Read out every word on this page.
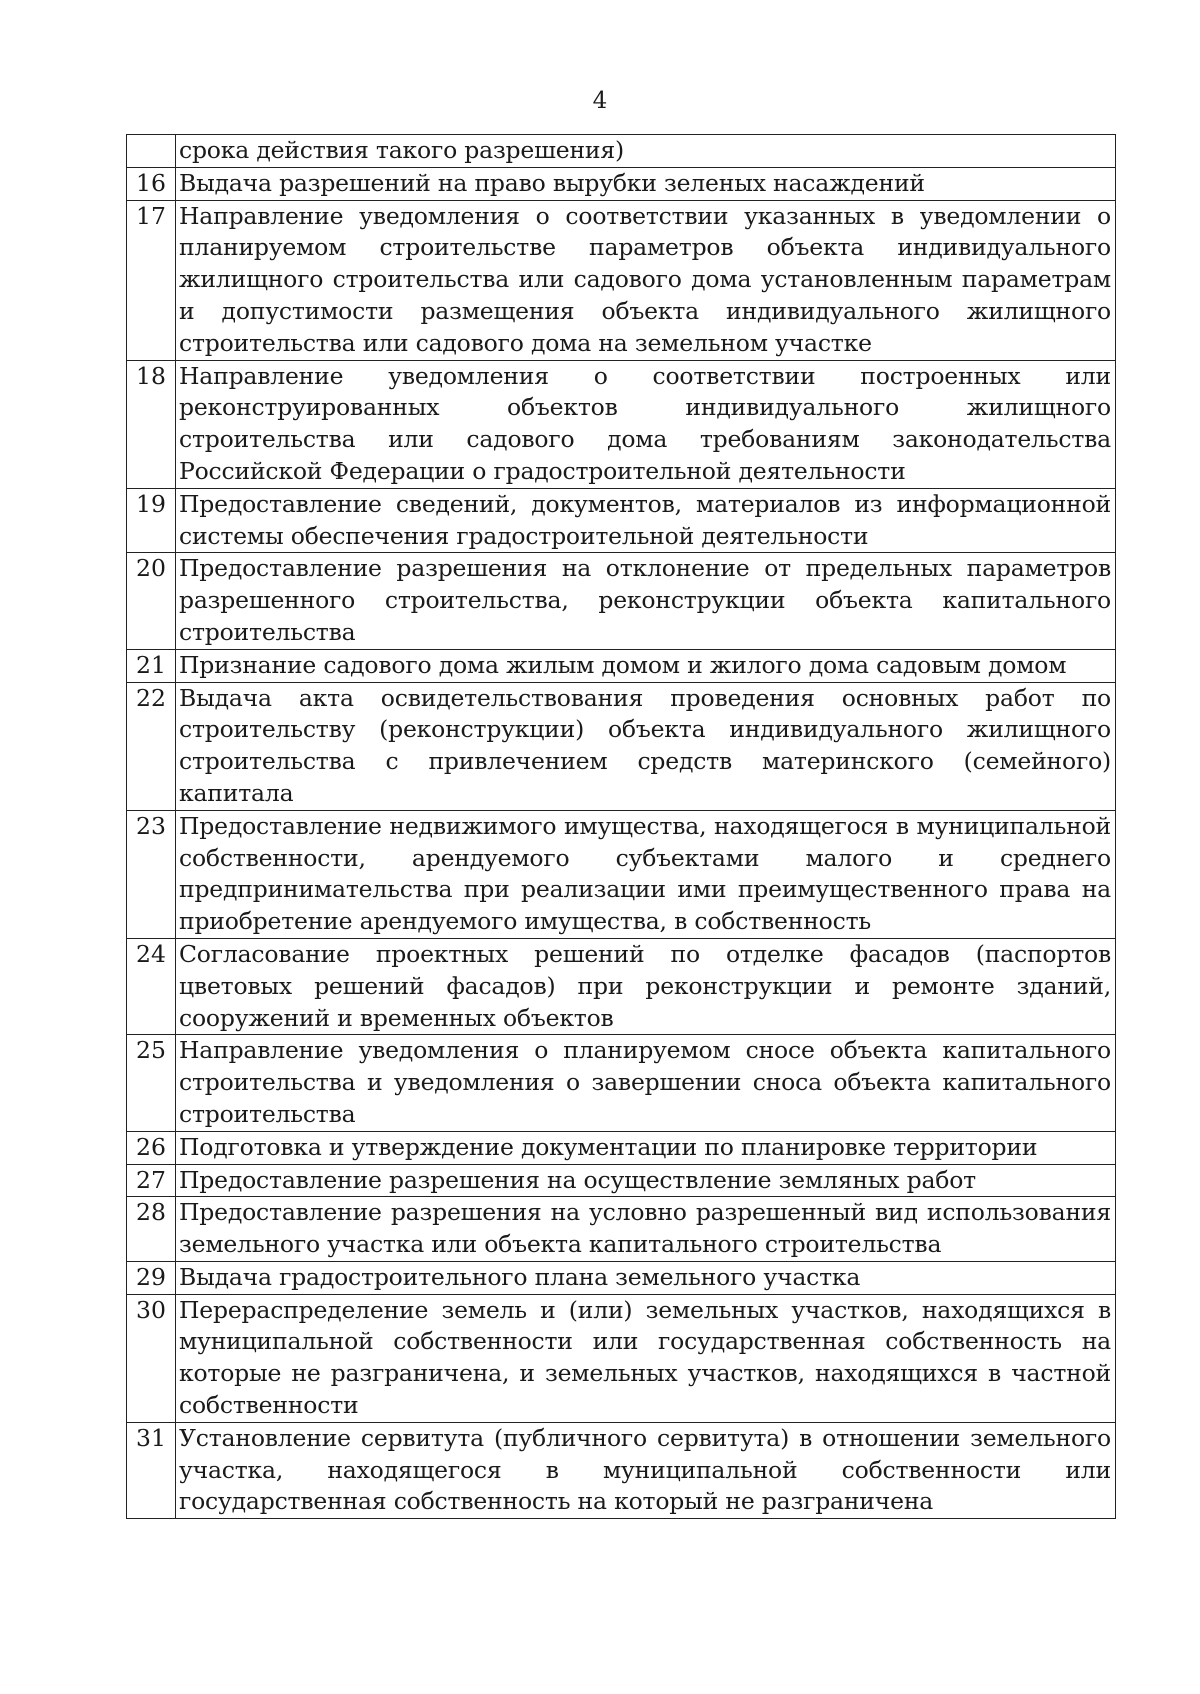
4
	срока действия такого разрешения)
16	Выдача разрешений на право вырубки зеленых насаждений
17	Направление уведомления о соответствии указанных в уведомлении о планируемом строительстве параметров объекта индивидуального жилищного строительства или садового дома установленным параметрам и допустимости размещения объекта индивидуального жилищного строительства или садового дома на земельном участке
18	Направление уведомления о соответствии построенных или реконструированных объектов индивидуального жилищного строительства или садового дома требованиям законодательства Российской Федерации о градостроительной деятельности
19	Предоставление сведений, документов, материалов из информационной системы обеспечения градостроительной деятельности
20	Предоставление разрешения на отклонение от предельных параметров разрешенного строительства, реконструкции объекта капитального строительства
21	Признание садового дома жилым домом и жилого дома садовым домом
22	Выдача акта освидетельствования проведения основных работ по строительству (реконструкции) объекта индивидуального жилищного строительства с привлечением средств материнского (семейного) капитала
23	Предоставление недвижимого имущества, находящегося в муниципальной собственности, арендуемого субъектами малого и среднего предпринимательства при реализации ими преимущественного права на приобретение арендуемого имущества, в собственность
24	Согласование проектных решений по отделке фасадов (паспортов цветовых решений фасадов) при реконструкции и ремонте зданий, сооружений и временных объектов
25	Направление уведомления о планируемом сносе объекта капитального строительства и уведомления о завершении сноса объекта капитального строительства
26	Подготовка и утверждение документации по планировке территории
27	Предоставление разрешения на осуществление земляных работ
28	Предоставление разрешения на условно разрешенный вид использования земельного участка или объекта капитального строительства
29	Выдача градостроительного плана земельного участка
30	Перераспределение земель и (или) земельных участков, находящихся в муниципальной собственности или государственная собственность на которые не разграничена, и земельных участков, находящихся в частной собственности
31	Установление сервитута (публичного сервитута) в отношении земельного участка, находящегося в муниципальной собственности или государственная собственность на который не разграничена
